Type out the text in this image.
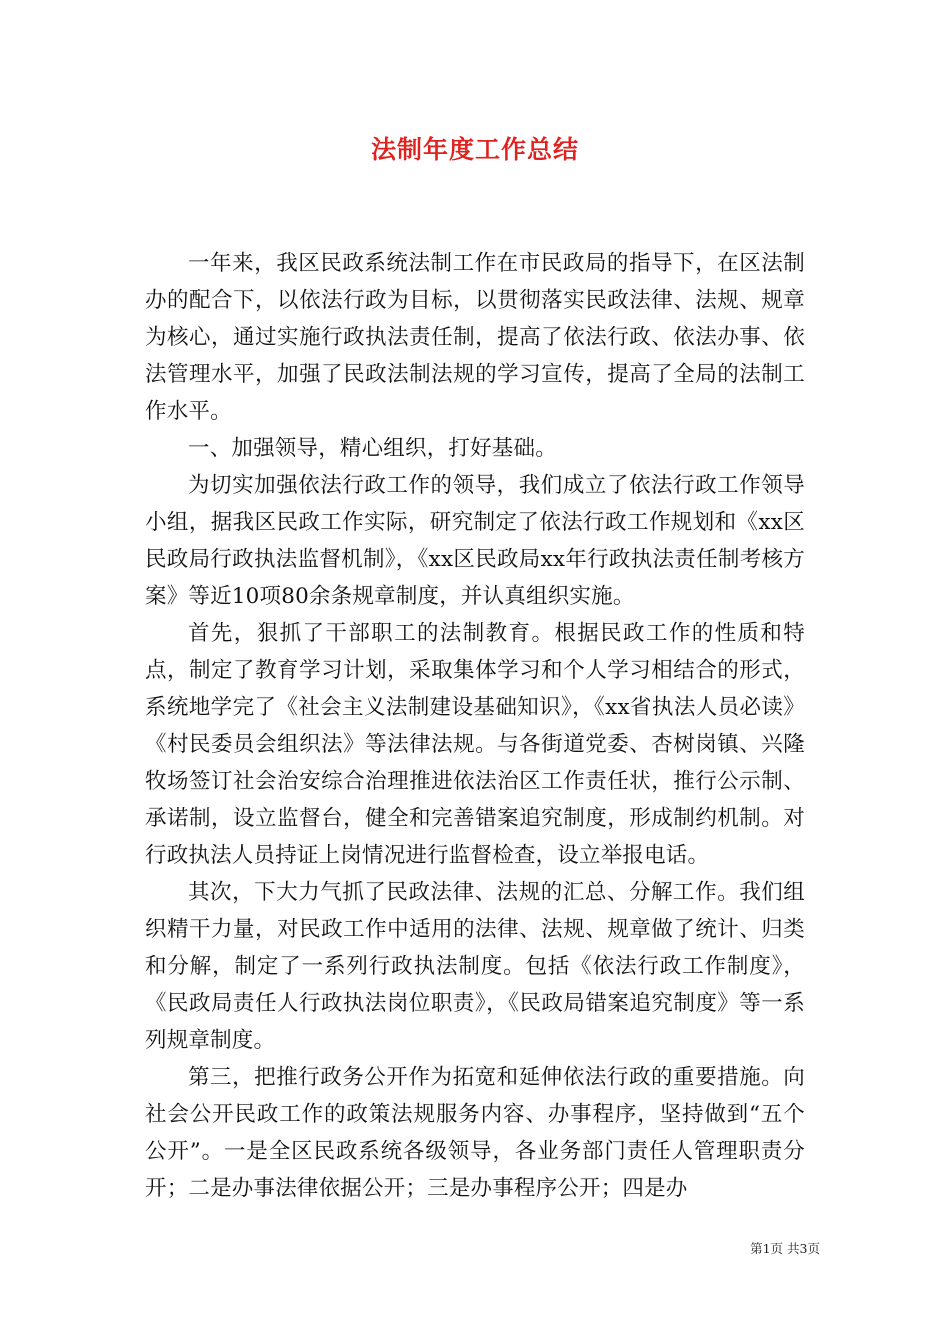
法制年度工作总结

一年来，我区民政系统法制工作在市民政局的指导下，在区法制办的配合下，以依法行政为目标，以贯彻落实民政法律、法规、规章为核心，通过实施行政执法责任制，提高了依法行政、依法办事、依法管理水平，加强了民政法制法规的学习宣传，提高了全局的法制工作水平。

一、加强领导，精心组织，打好基础。

为切实加强依法行政工作的领导，我们成立了依法行政工作领导小组，据我区民政工作实际，研究制定了依法行政工作规划和《xx区民政局行政执法监督机制》，《xx区民政局xx年行政执法责任制考核方案》等近10项80余条规章制度，并认真组织实施。

首先，狠抓了干部职工的法制教育。根据民政工作的性质和特点，制定了教育学习计划，采取集体学习和个人学习相结合的形式，系统地学完了《社会主义法制建设基础知识》，《xx省执法人员必读》《村民委员会组织法》等法律法规。与各街道党委、杏树岗镇、兴隆牧场签订社会治安综合治理推进依法治区工作责任状，推行公示制、承诺制，设立监督台，健全和完善错案追究制度，形成制约机制。对行政执法人员持证上岗情况进行监督检查，设立举报电话。

其次，下大力气抓了民政法律、法规的汇总、分解工作。我们组织精干力量，对民政工作中适用的法律、法规、规章做了统计、归类和分解，制定了一系列行政执法制度。包括《依法行政工作制度》，《民政局责任人行政执法岗位职责》，《民政局错案追究制度》等一系列规章制度。

第三，把推行政务公开作为拓宽和延伸依法行政的重要措施。向社会公开民政工作的政策法规服务内容、办事程序，坚持做到“五个公开”。一是全区民政系统各级领导，各业务部门责任人管理职责分开；二是办事法律依据公开；三是办事程序公开；四是办

第1页 共3页
